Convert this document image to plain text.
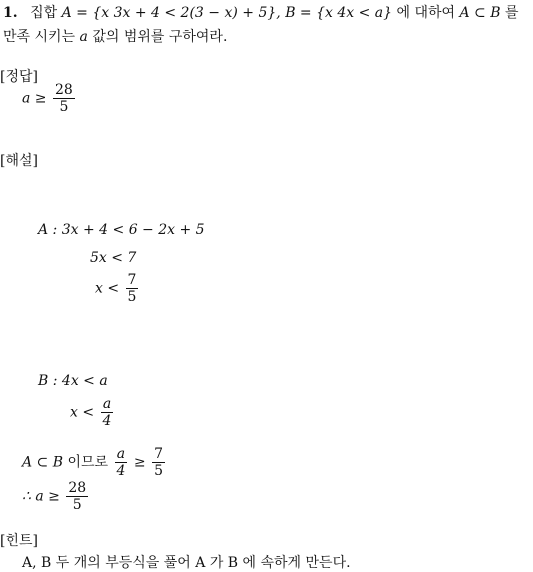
1. 집합 A = {x 3x + 4 < 2(3 − x) + 5}, B = {x 4x < a} 에 대하여 A ⊂ B 를
만족 시키는 a 값의 범위를 구하여라.
[정답]
$a \ge \frac{28}{5}$
[해설]
A : 3x + 4 < 6 − 2x + 5
5x < 7
$x < \frac{7}{5}$
B : 4x < a
$x < \frac{a}{4}$
A ⊂ B 이므로 $\frac{a}{4} \ge \frac{7}{5}$
∴ $a \ge \frac{28}{5}$
[힌트]
A, B 두 개의 부등식을 풀어 A 가 B 에 속하게 만든다.
